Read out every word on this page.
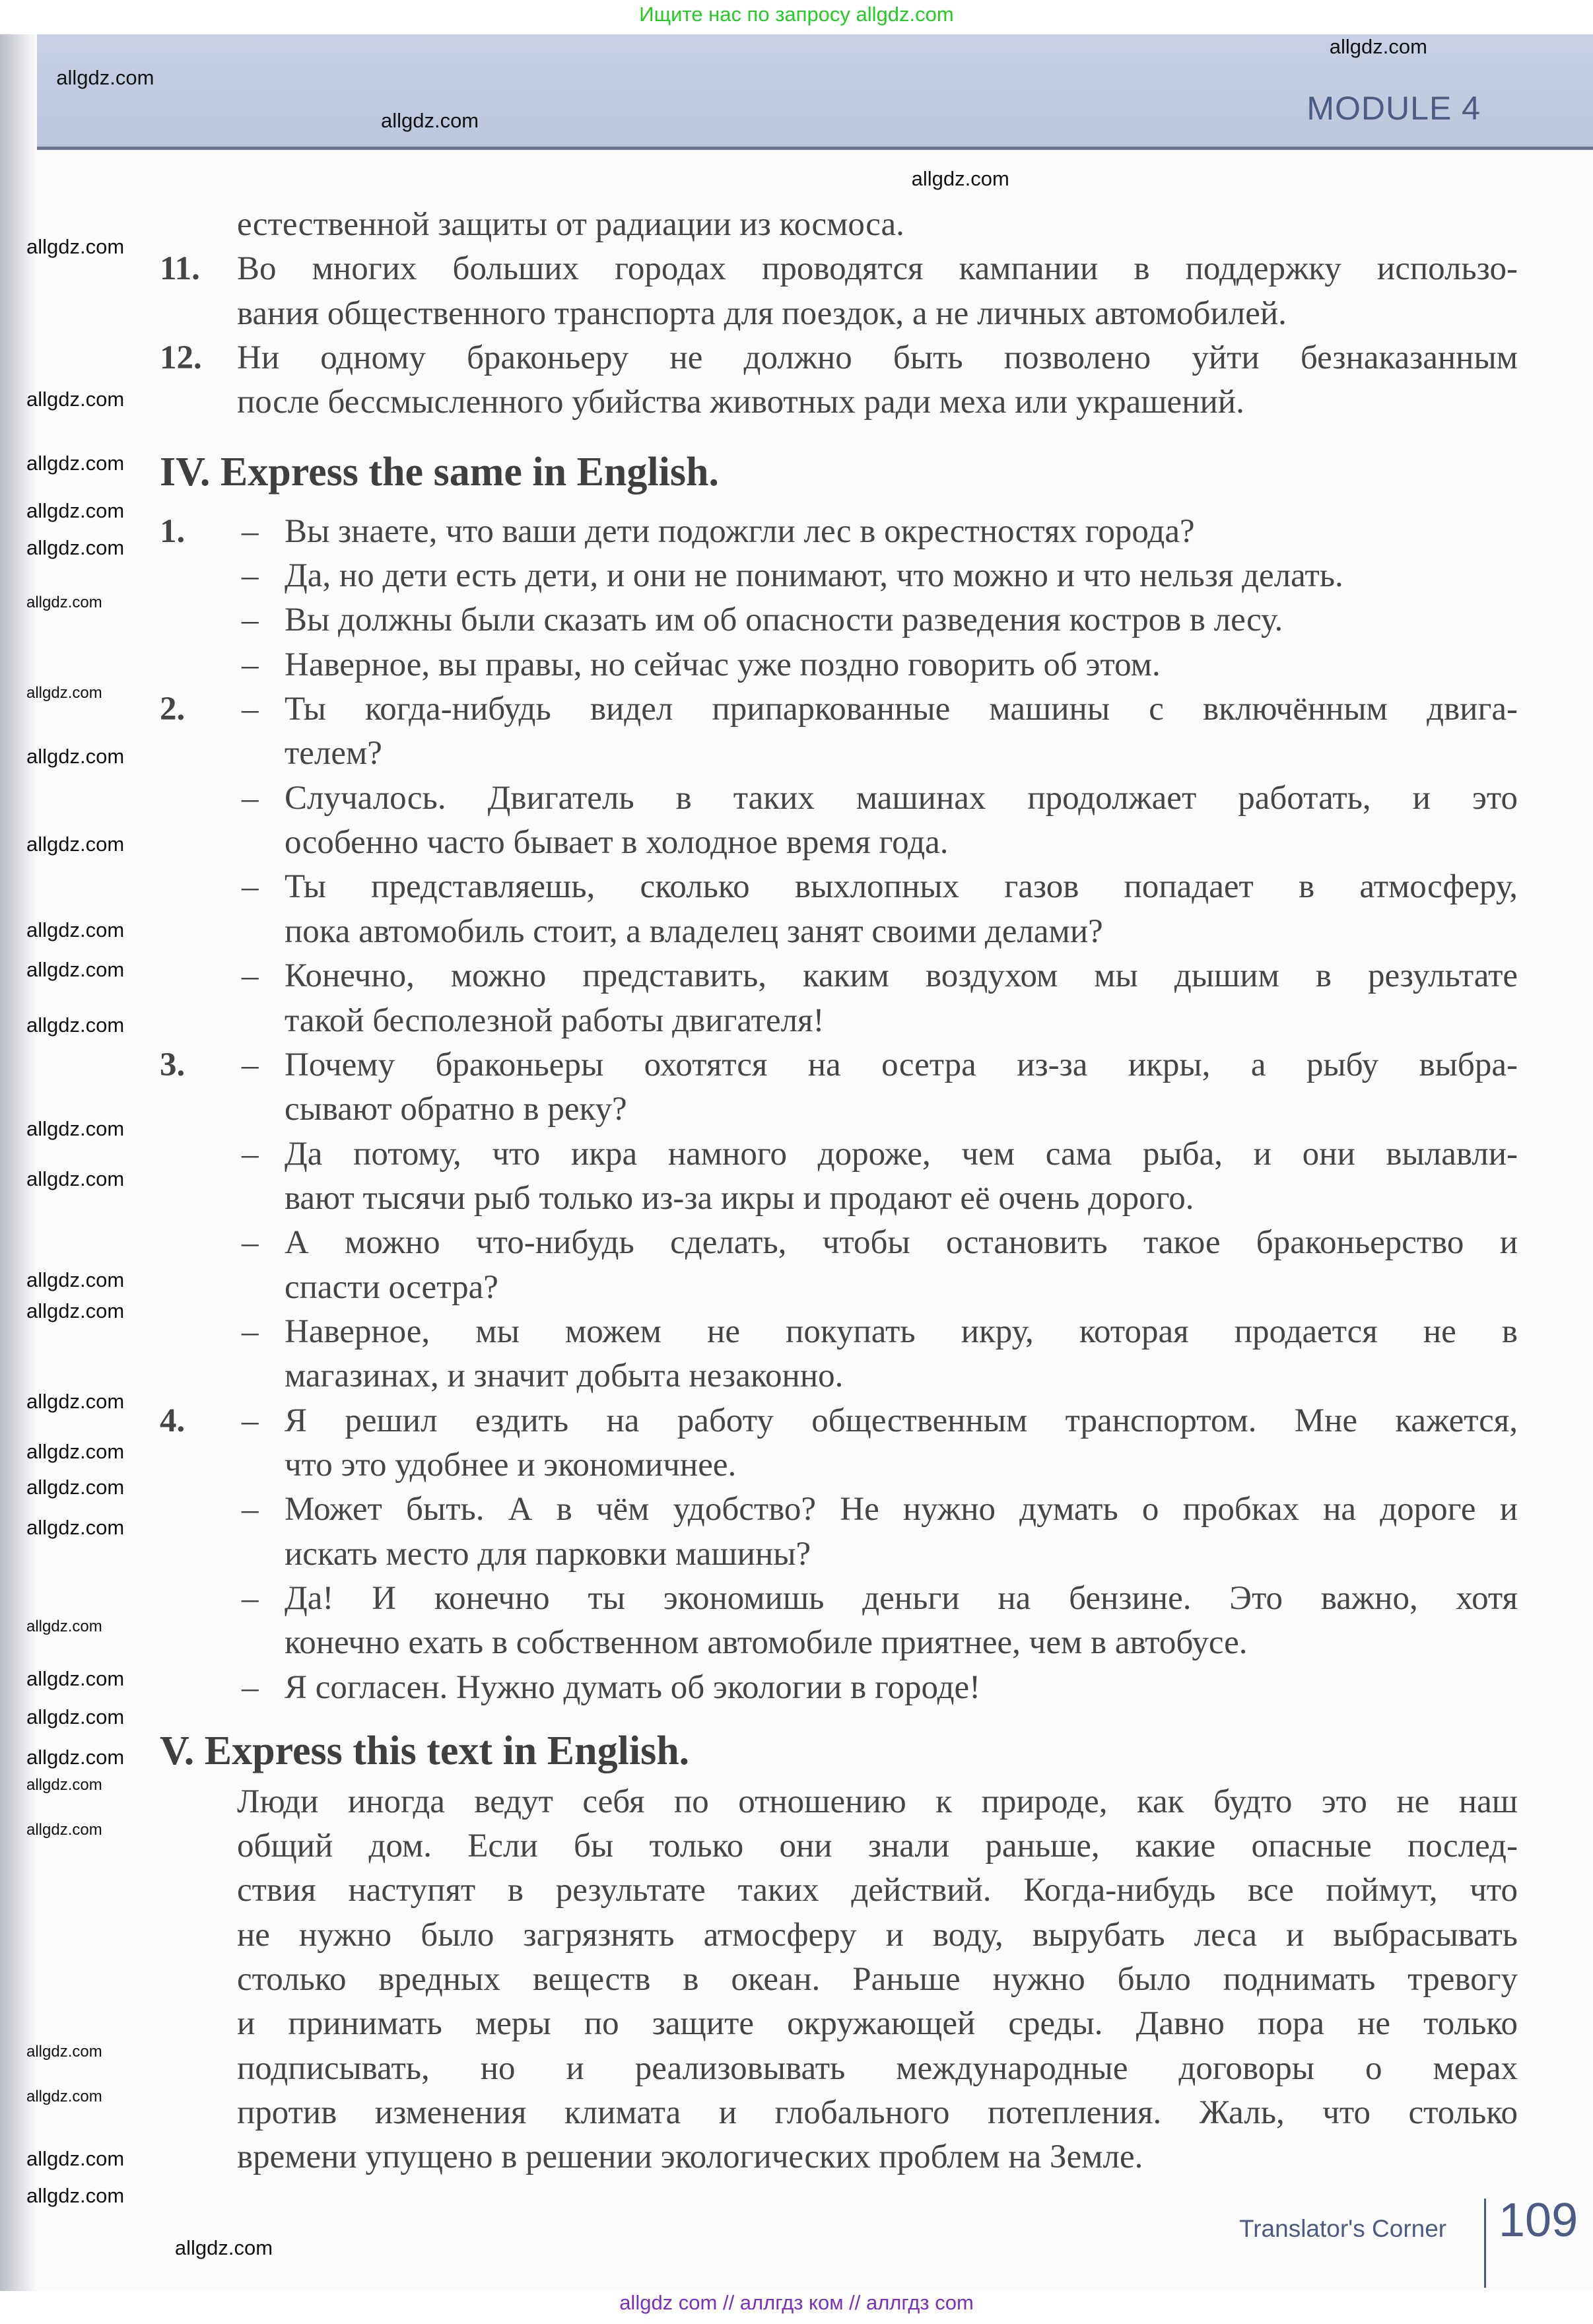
MODULE 4
Ищите нас по запросу allgdz.com
естественной защиты от радиации из космоса.
11. Во многих больших городах проводятся кампании в поддержку использо-
вания общественного транспорта для поездок, а не личных автомобилей.
12. Ни одному браконьеру не должно быть позволено уйти безнаказанным
после бессмысленного убийства животных ради меха или украшений.
IV. Express the same in English.
1. – Вы знаете, что ваши дети подожгли лес в окрестностях города?
– Да, но дети есть дети, и они не понимают, что можно и что нельзя делать.
– Вы должны были сказать им об опасности разведения костров в лесу.
– Наверное, вы правы, но сейчас уже поздно говорить об этом.
2. – Ты когда-нибудь видел припаркованные машины с включённым двига-
телем?
– Случалось. Двигатель в таких машинах продолжает работать, и это
особенно часто бывает в холодное время года.
– Ты представляешь, сколько выхлопных газов попадает в атмосферу,
пока автомобиль стоит, а владелец занят своими делами?
– Конечно, можно представить, каким воздухом мы дышим в результате
такой бесполезной работы двигателя!
3. – Почему браконьеры охотятся на осетра из-за икры, а рыбу выбра-
сывают обратно в реку?
– Да потому, что икра намного дороже, чем сама рыба, и они вылавли-
вают тысячи рыб только из-за икры и продают её очень дорого.
– А можно что-нибудь сделать, чтобы остановить такое браконьерство и
спасти осетра?
– Наверное, мы можем не покупать икру, которая продается не в
магазинах, и значит добыта незаконно.
4. – Я решил ездить на работу общественным транспортом. Мне кажется,
что это удобнее и экономичнее.
– Может быть. А в чём удобство? Не нужно думать о пробках на дороге и
искать место для парковки машины?
– Да! И конечно ты экономишь деньги на бензине. Это важно, хотя
конечно ехать в собственном автомобиле приятнее, чем в автобусе.
– Я согласен. Нужно думать об экологии в городе!
V. Express this text in English.
Люди иногда ведут себя по отношению к природе, как будто это не наш
общий дом. Если бы только они знали раньше, какие опасные послед-
ствия наступят в результате таких действий. Когда-нибудь все поймут, что
не нужно было загрязнять атмосферу и воду, вырубать леса и выбрасывать
столько вредных веществ в океан. Раньше нужно было поднимать тревогу
и принимать меры по защите окружающей среды. Давно пора не только
подписывать, но и реализовывать международные договоры о мерах
против изменения климата и глобального потепления. Жаль, что столько
времени упущено в решении экологических проблем на Земле.
allgdz.com
allgdz.com
allgdz.com
allgdz.com
allgdz.com
allgdz.com
allgdz.com
allgdz.com
allgdz.com
allgdz.com
allgdz.com
allgdz.com
allgdz.com
allgdz.com
allgdz.com
allgdz.com
allgdz.com
allgdz.com
allgdz.com
allgdz.com
allgdz.com
allgdz.com
allgdz.com
allgdz.com
allgdz.com
allgdz.com
allgdz.com
allgdz.com
allgdz.com
allgdz.com
allgdz.com
allgdz.com
allgdz.com
allgdz.com
allgdz.com
Translator's Corner 109
allgdz com // аллгдз ком // аллгдз com
